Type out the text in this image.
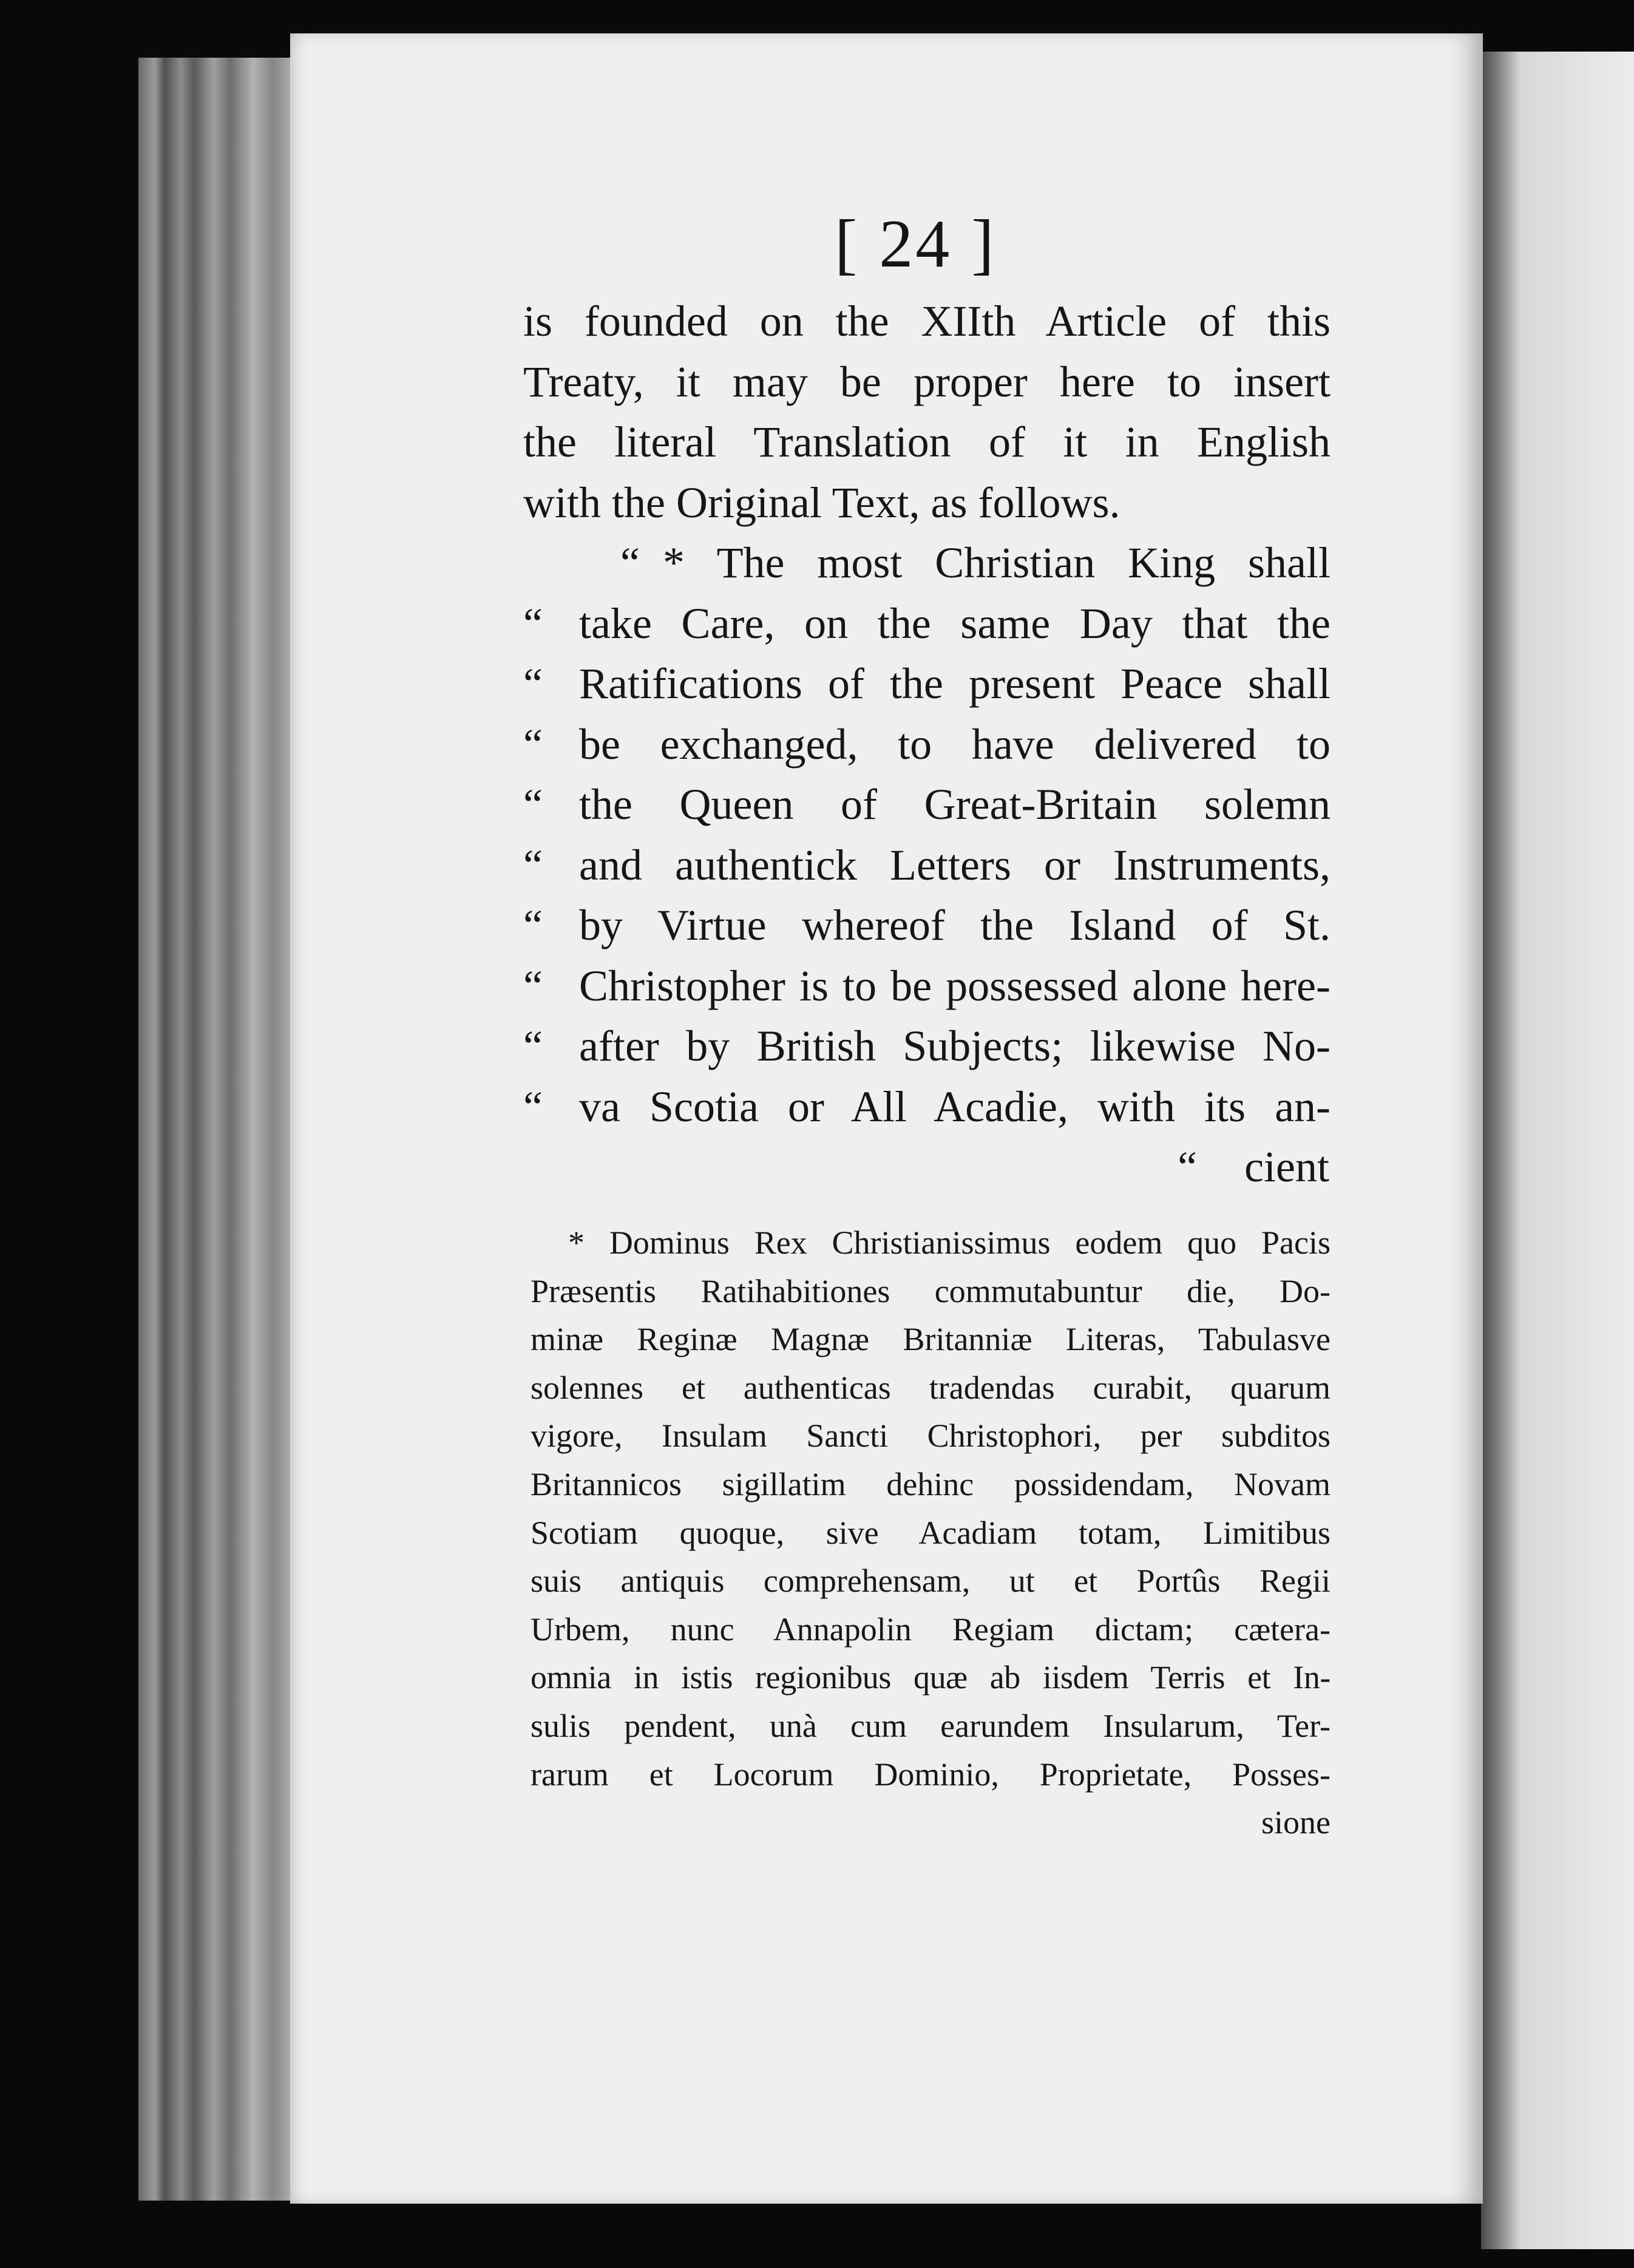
[ 24 ]
is founded on the XIIth Article of this
Treaty, it may be proper here to insert
the literal Translation of it in English
with the Original Text, as follows.
“ * The most Christian King shall
“ take Care, on the same Day that the
“ Ratifications of the present Peace shall
“ be exchanged, to have delivered to
“ the Queen of Great-Britain solemn
“ and authentick Letters or Instruments,
“ by Virtue whereof the Island of St.
“ Christopher is to be possessed alone here-
“ after by British Subjects; likewise No-
“ va Scotia or All Acadie, with its an-
“	cient
* Dominus Rex Christianissimus eodem quo Pacis
Præsentis Ratihabitiones commutabuntur die, Do-
minæ Reginæ Magnæ Britanniæ Literas, Tabulasve
solennes et authenticas tradendas curabit, quarum
vigore, Insulam Sancti Christophori, per subditos
Britannicos sigillatim dehinc possidendam, Novam
Scotiam quoque, sive Acadiam totam, Limitibus
suis antiquis comprehensam, ut et Portûs Regii
Urbem, nunc Annapolin Regiam dictam; cætera-
omnia in istis regionibus quæ ab iisdem Terris et In-
sulis pendent, unà cum earundem Insularum, Ter-
rarum et Locorum Dominio, Proprietate, Posses-
sione
